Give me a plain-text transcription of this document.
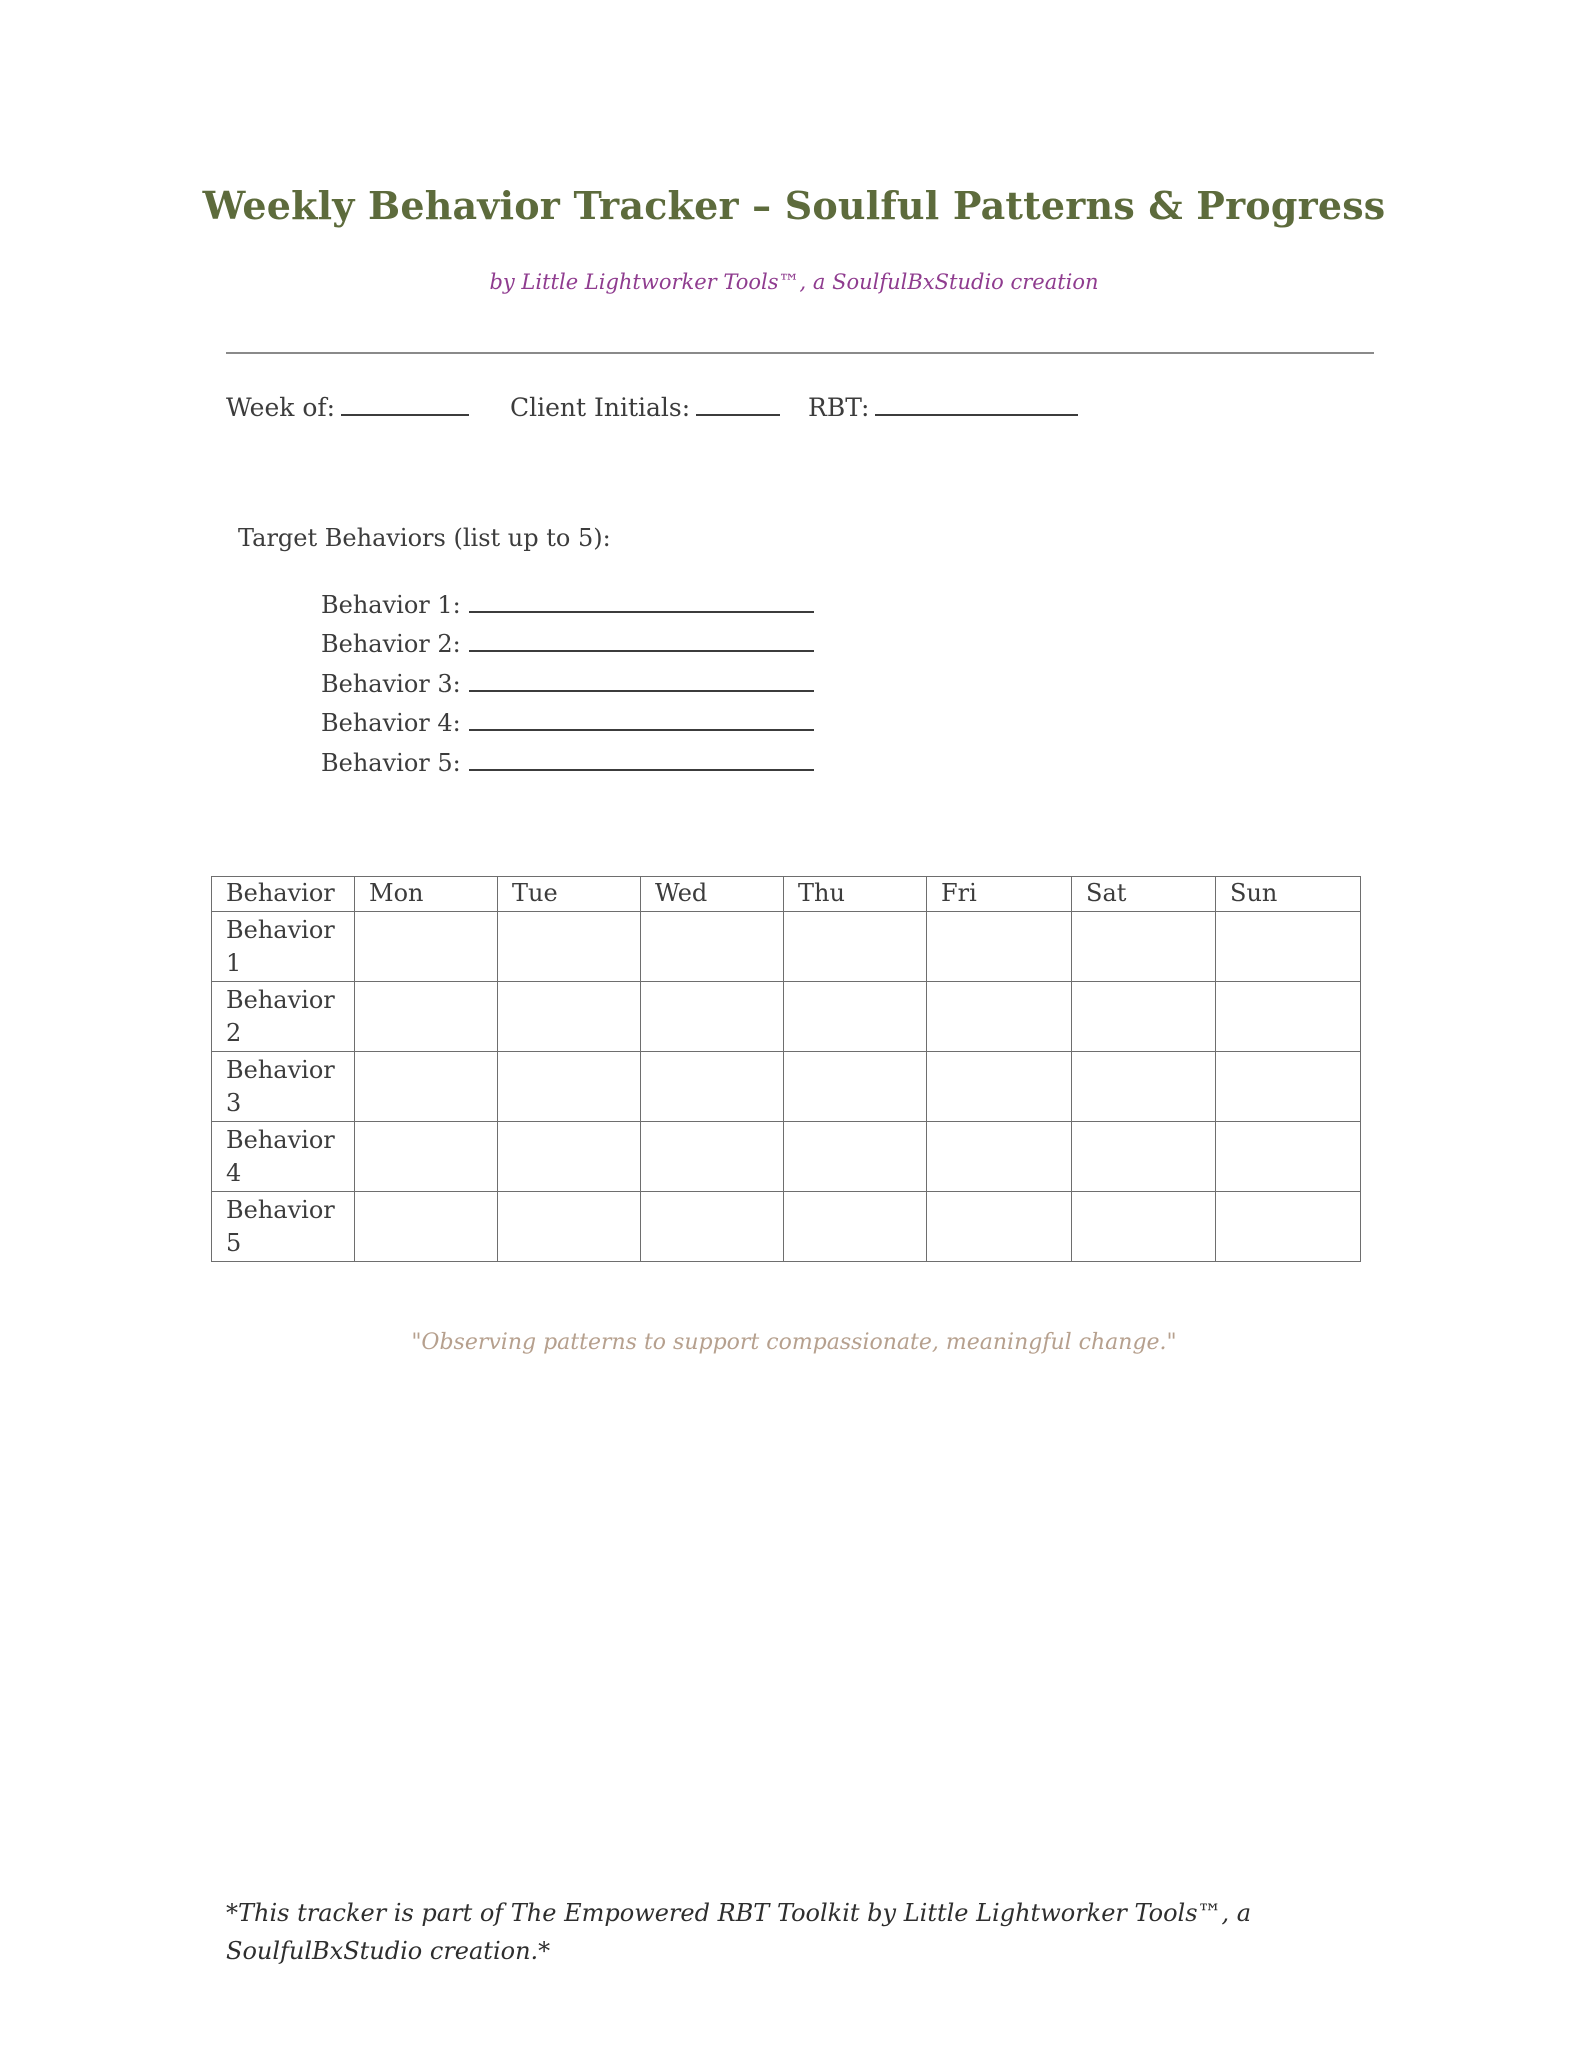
Weekly Behavior Tracker – Soulful Patterns & Progress
by Little Lightworker Tools™, a SoulfulBxStudio creation
Week of:	Client Initials:	RBT:
Target Behaviors (list up to 5):
Behavior 1:
Behavior 2:
Behavior 3:
Behavior 4:
Behavior 5:
Behavior	Mon	Tue	Wed	Thu	Fri	Sat	Sun
Behavior 1							
Behavior 2							
Behavior 3							
Behavior 4							
Behavior 5							
"Observing patterns to support compassionate, meaningful change."
*This tracker is part of The Empowered RBT Toolkit by Little Lightworker Tools™, a SoulfulBxStudio creation.*
